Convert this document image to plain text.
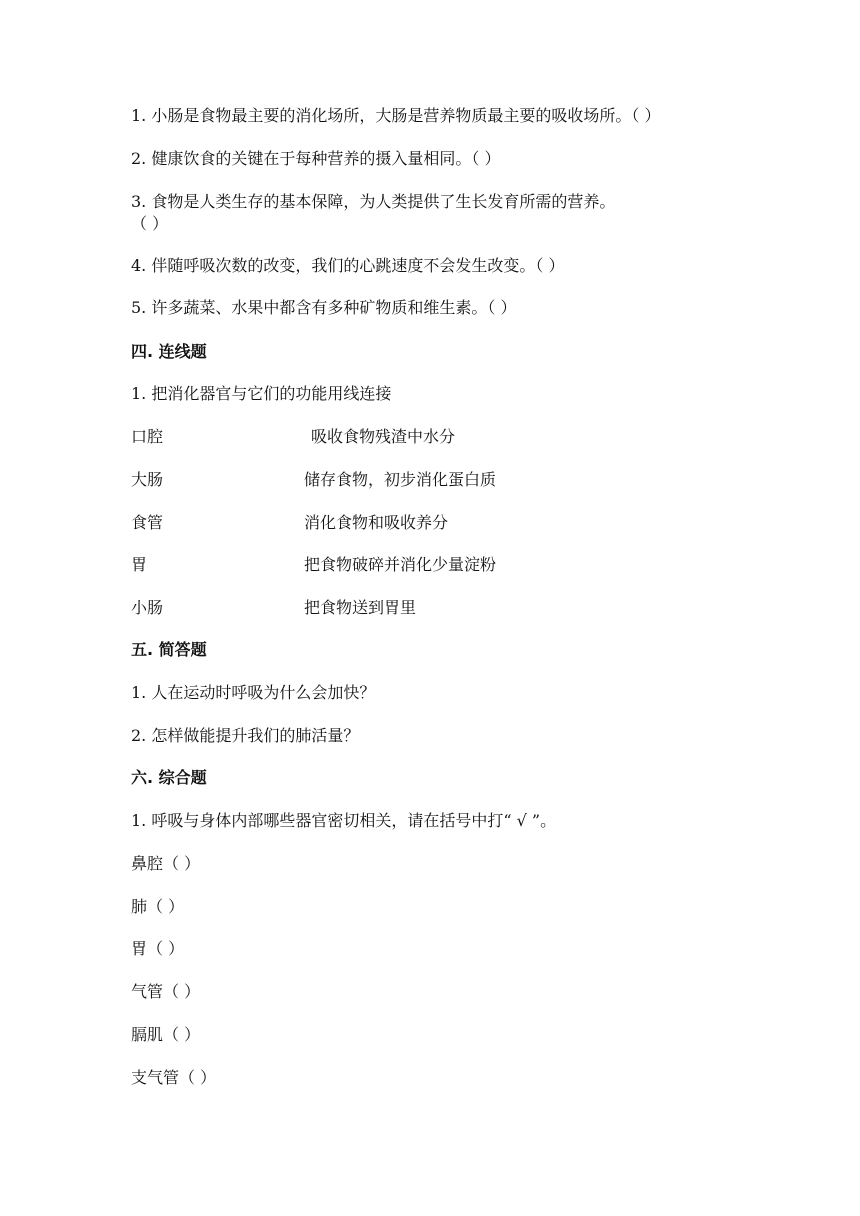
1. 小肠是食物最主要的消化场所，大肠是营养物质最主要的吸收场所。（ ）
2. 健康饮食的关键在于每种营养的摄入量相同。（ ）
3. 食物是人类生存的基本保障，为人类提供了生长发育所需的营养。
（ ）
4. 伴随呼吸次数的改变，我们的心跳速度不会发生改变。（ ）
5. 许多蔬菜、水果中都含有多种矿物质和维生素。（ ）
四. 连线题
1. 把消化器官与它们的功能用线连接
口腔	吸收食物残渣中水分
大肠	储存食物，初步消化蛋白质
食管	消化食物和吸收养分
胃	把食物破碎并消化少量淀粉
小肠	把食物送到胃里
五. 简答题
1. 人在运动时呼吸为什么会加快？
2. 怎样做能提升我们的肺活量？
六. 综合题
1. 呼吸与身体内部哪些器官密切相关，请在括号中打“ √ ”。
鼻腔（ ）
肺（ ）
胃（ ）
气管（ ）
膈肌（ ）
支气管（ ）
